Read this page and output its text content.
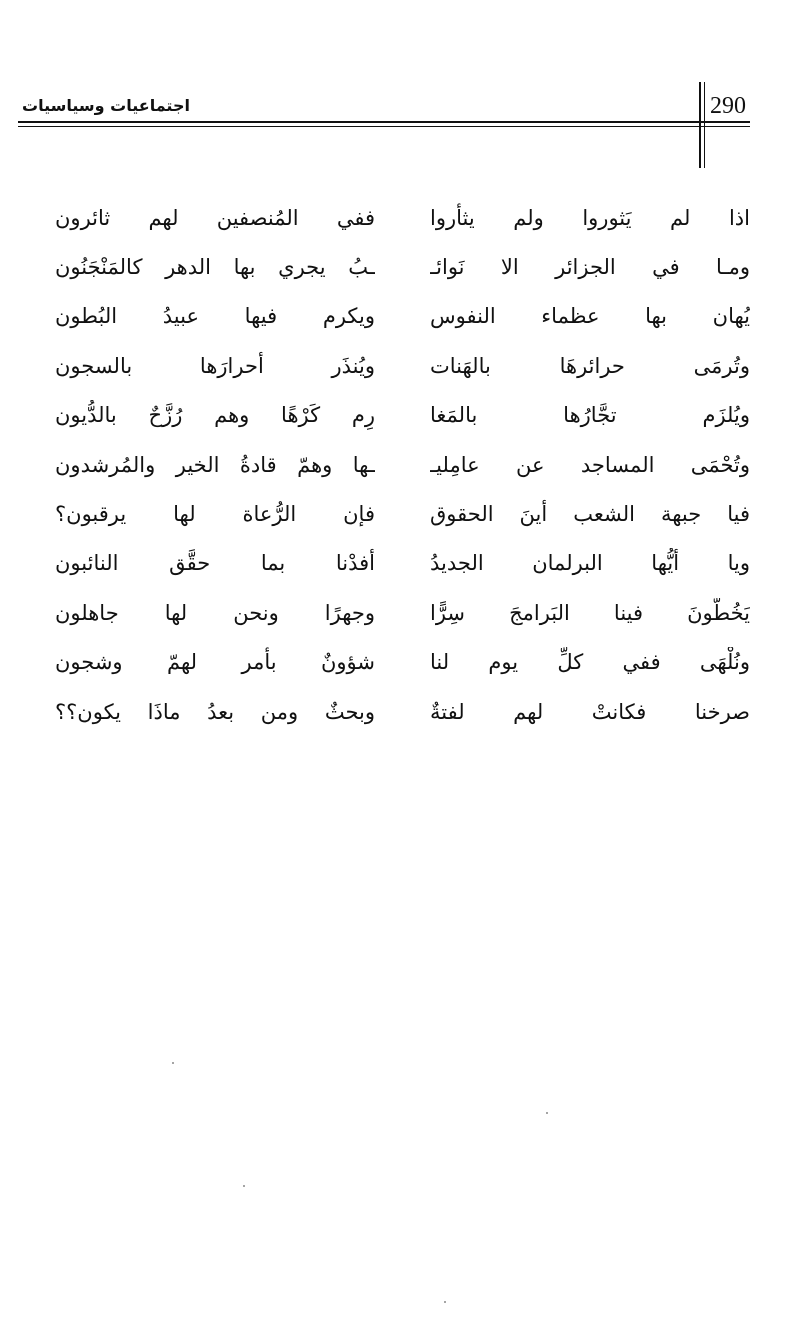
290
اجتماعيات وسياسيات
اذا لم يَثوروا ولم يثأروا
ففي المُنصفين لهم ثائرون
ومـا في الجزائر الا نَوائـ
ـبُ يجري بها الدهر كالمَنْجَنُون
يُهان بها عظماء النفوس
ويكرم فيها عبيدُ البُطون
وتُرمَى حرائرهَا بالهَنات
ويُنذَر أحرارَها بالسجون
ويُلزَم تجَّارُها بالمَغا
رِم كَرْهًا وهم رُزَّحٌ بالدُّيون
وتُحْمَى المساجد عن عامِليـ
ـها وهمّ قادةُ الخير والمُرشدون
فيا جبهة الشعب أينَ الحقوق
فإن الرُّعاة لها يرقبون؟
ويا أيُّها البرلمان الجديدُ
أفدْنا بما حقَّق النائبون
يَخُطُّونَ فينا البَرامجَ سِرًّا
وجهرًا ونحن لها جاهلون
ونُلْهَى ففي كلِّ يوم لنا
شؤونٌ بأمر لهمّ وشجون
صرخنا فكانتْ لهم لفتةٌ
وبحثٌ ومن بعدُ ماذَا يكون؟؟
